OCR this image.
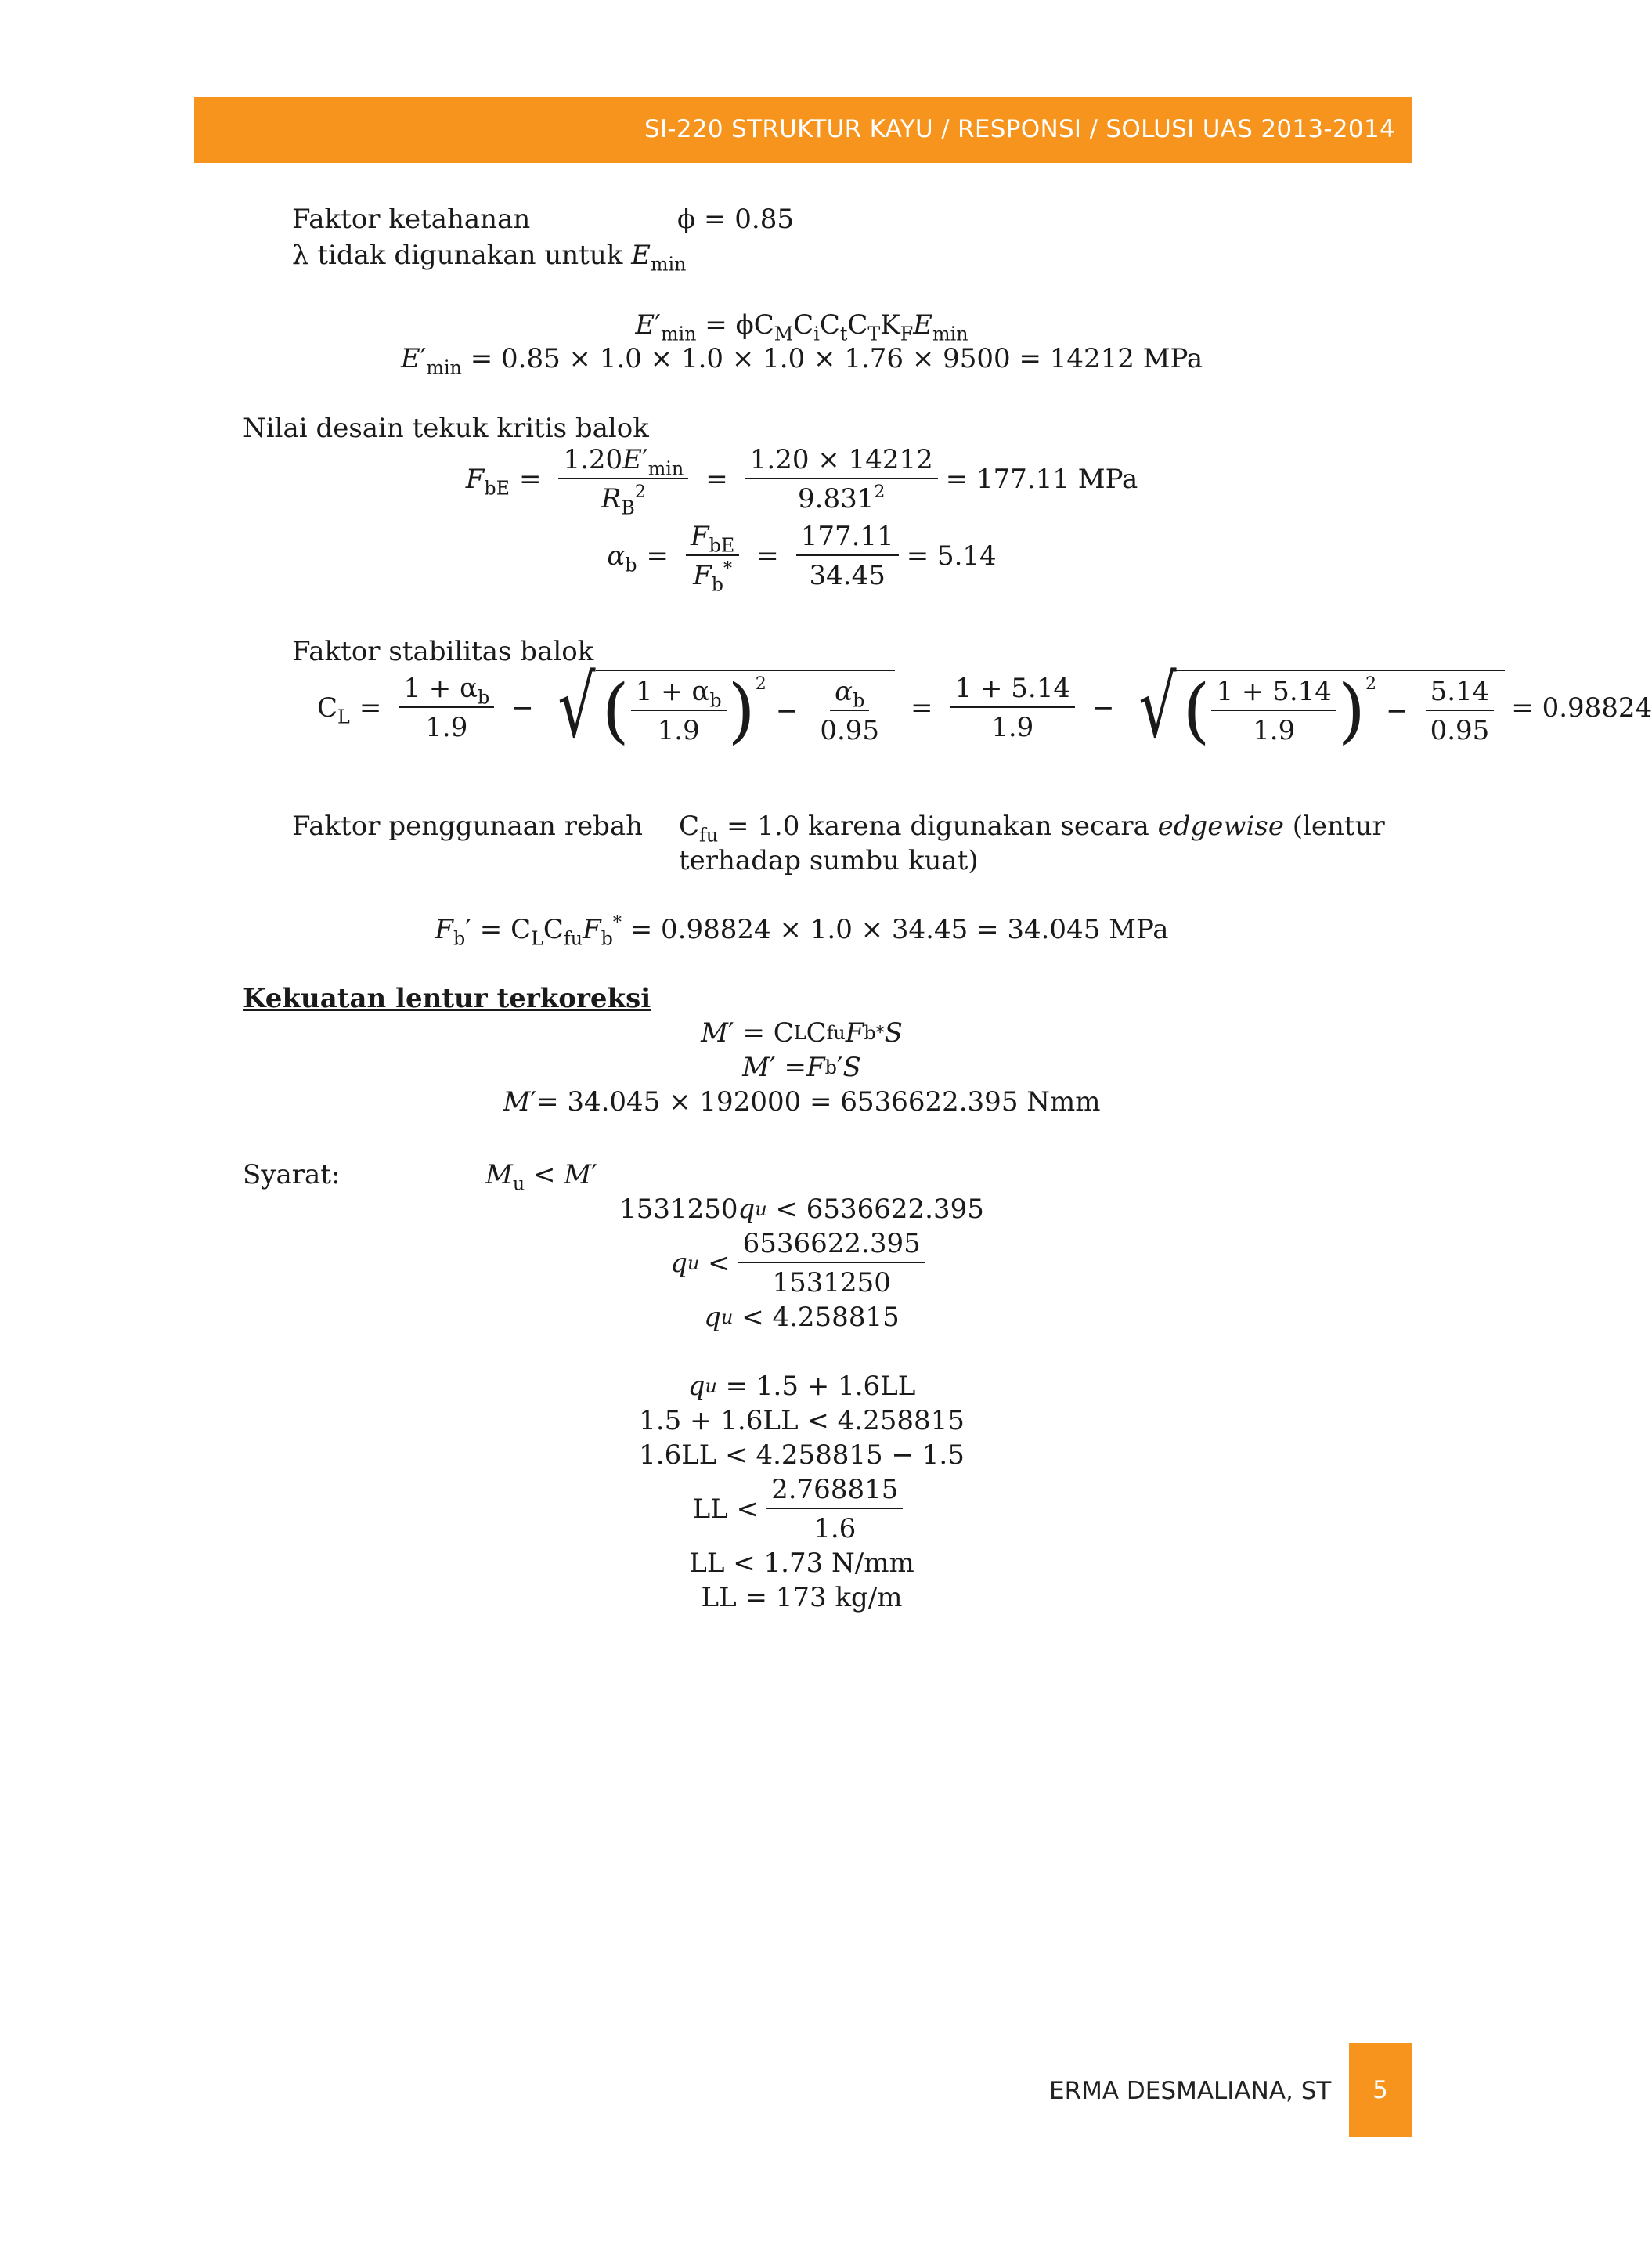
SI-220 STRUKTUR KAYU / RESPONSI / SOLUSI UAS 2013-2014
Faktor ketahanan	ϕ = 0.85
λ tidak digunakan untuk $E_{min}$
$E'_{min} = \phi C_MC_iC_tC_TK_FE_{min}$
$E'_{min} = 0.85 \times 1.0 \times 1.0 \times 1.0 \times 1.76 \times 9500 = 14212$ MPa
Nilai desain tekuk kritis balok
$F_{bE} = \frac{1.20E'_{min}}{R_B^2} = \frac{1.20 \times 14212}{9.831^2} = 177.11$ MPa
$\alpha_b = \frac{F_{bE}}{F_b^*} = \frac{177.11}{34.45} = 5.14$
Faktor stabilitas balok
$C_L = \frac{1 + \alpha_b}{1.9}$ − √ ( $\frac{1 + \alpha_b}{1.9}$ ) 2
− $\frac{\alpha_b}{0.95} = \frac{1 + 5.14}{1.9}$ − √ ( $\frac{1 + 5.14}{1.9}$ ) 2
− $\frac{5.14}{0.95} = 0.98824$
Faktor penggunaan rebah $C_{fu} = 1.0$ karena digunakan secara edgewise (lentur
terhadap sumbu kuat)
$F_b' = C_LC_{fu}F_b^* = 0.98824 \times 1.0 \times 34.45 = 34.045$ MPa
Kekuatan lentur terkoreksi
M ′ = C L C fu F b * S
M ′ = F b ′ S
M ′ = 34.045 × 192000 = 6536622.395 Nmm
Syarat:	$M_u < M'$
1531250 q u
< 6536622.395
q $u < \frac{6536622.395}{1531250}$
q u
< 4.258815
q u
= 1.5 + 1.6LL
1.5 + 1.6LL < 4.258815
1.6LL < 4.258815 − 1.5
LL < $\frac{2.768815}{1.6}$
LL < 1.73 N/mm
LL = 173 kg/m
ERMA DESMALIANA, ST	5
